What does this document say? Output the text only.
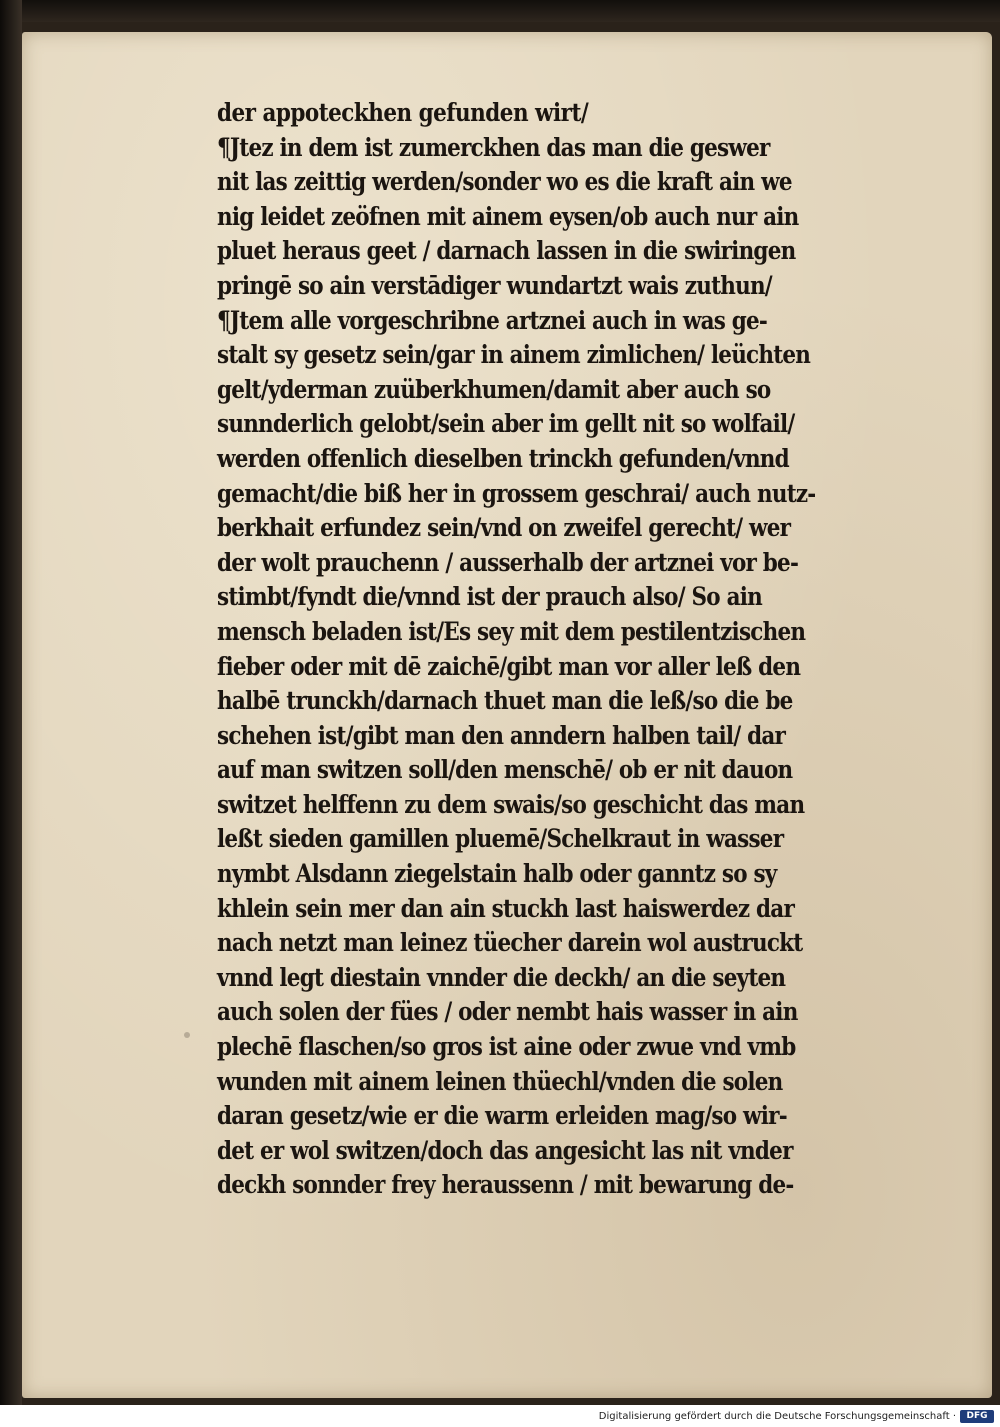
der appoteckhen gefunden wirt/
¶Jtez in dem ist zumerckhen das man die geswer
nit las zeittig werden/sonder wo es die kraft ain we
nig leidet zeöfnen mit ainem eysen/ob auch nur ain
pluet heraus geet / darnach lassen in die swiringen
pringē so ain verstādiger wundartzt wais zuthun/
¶Jtem alle vorgeschribne artznei auch in was ge-
stalt sy gesetz sein/gar in ainem zimlichen/ leüchten
gelt/yderman zuüberkhumen/damit aber auch so
sunnderlich gelobt/sein aber im gellt nit so wolfail/
werden offenlich dieselben trinckh gefunden/vnnd
gemacht/die biß her in grossem geschrai/ auch nutz-
berkhait erfundez sein/vnd on zweifel gerecht/ wer
der wolt prauchenn / ausserhalb der artznei vor be-
stimbt/fyndt die/vnnd ist der prauch also/ So ain
mensch beladen ist/Es sey mit dem pestilentzischen
fieber oder mit dē zaichē/gibt man vor aller leß den
halbē trunckh/darnach thuet man die leß/so die be
schehen ist/gibt man den anndern halben tail/ dar
auf man switzen soll/den menschē/ ob er nit dauon
switzet helffenn zu dem swais/so geschicht das man
leßt sieden gamillen pluemē/Schelkraut in wasser
nymbt Alsdann ziegelstain halb oder ganntz so sy
khlein sein mer dan ain stuckh last haiswerdez dar
nach netzt man leinez tüecher darein wol austruckt
vnnd legt diestain vnnder die deckh/ an die seyten
auch solen der fües / oder nembt hais wasser in ain
plechē flaschen/so gros ist aine oder zwue vnd vmb
wunden mit ainem leinen thüechl/vnden die solen
daran gesetz/wie er die warm erleiden mag/so wir-
det er wol switzen/doch das angesicht las nit vnder
deckh sonnder frey heraussenn / mit bewarung de-
Digitalisierung gefördert durch die Deutsche Forschungsgemeinschaft ·	DFG
